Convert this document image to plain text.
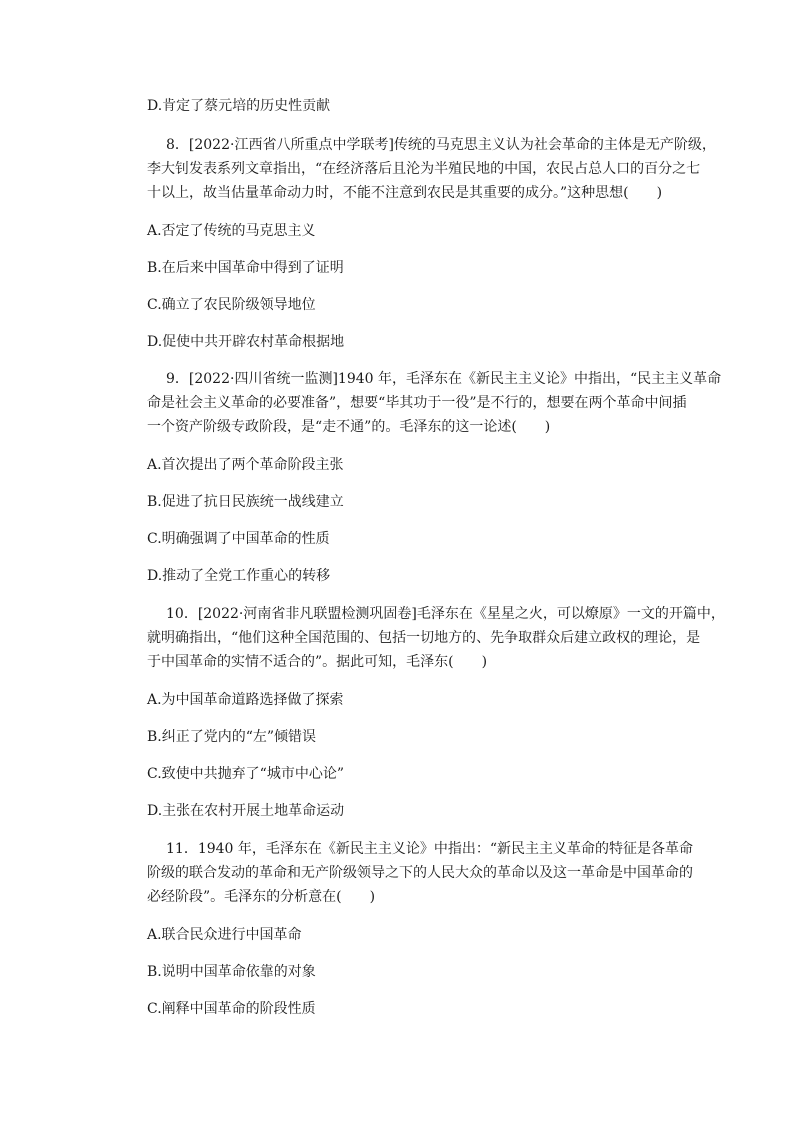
D.肯定了蔡元培的历史性贡献
8．[2022·江西省八所重点中学联考]传统的马克思主义认为社会革命的主体是无产阶级，
李大钊发表系列文章指出，“在经济落后且沦为半殖民地的中国，农民占总人口的百分之七
十以上，故当估量革命动力时，不能不注意到农民是其重要的成分。”这种思想(　　)
A.否定了传统的马克思主义
B.在后来中国革命中得到了证明
C.确立了农民阶级领导地位
D.促使中共开辟农村革命根据地
9．[2022·四川省统一监测]1940 年，毛泽东在《新民主主义论》中指出，“民主主义革命
命是社会主义革命的必要准备”，想要“毕其功于一役”是不行的，想要在两个革命中间插
一个资产阶级专政阶段，是“走不通”的。毛泽东的这一论述(　　)
A.首次提出了两个革命阶段主张
B.促进了抗日民族统一战线建立
C.明确强调了中国革命的性质
D.推动了全党工作重心的转移
10．[2022·河南省非凡联盟检测巩固卷]毛泽东在《星星之火，可以燎原》一文的开篇中，
就明确指出，“他们这种全国范围的、包括一切地方的、先争取群众后建立政权的理论，是
于中国革命的实情不适合的”。据此可知，毛泽东(　　)
A.为中国革命道路选择做了探索
B.纠正了党内的“左”倾错误
C.致使中共抛弃了“城市中心论”
D.主张在农村开展土地革命运动
11．1940 年，毛泽东在《新民主主义论》中指出：“新民主主义革命的特征是各革命
阶级的联合发动的革命和无产阶级领导之下的人民大众的革命以及这一革命是中国革命的
必经阶段”。毛泽东的分析意在(　　)
A.联合民众进行中国革命
B.说明中国革命依靠的对象
C.阐释中国革命的阶段性质
